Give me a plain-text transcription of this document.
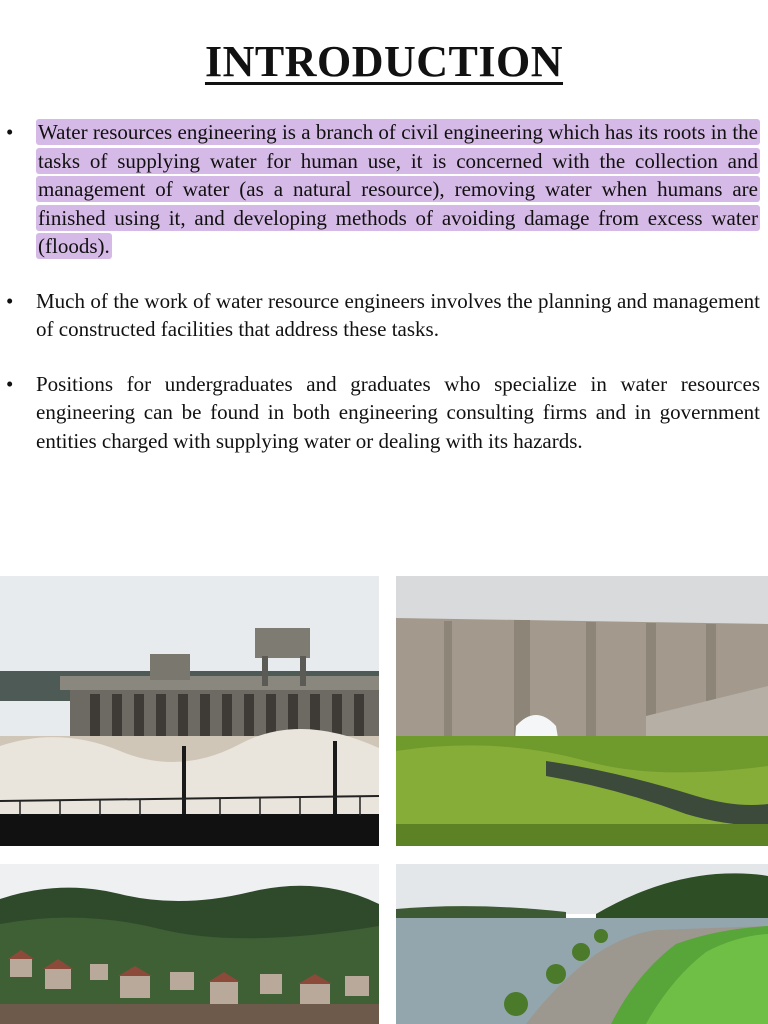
INTRODUCTION
• Water resources engineering is a branch of civil engineering which has its roots in the tasks of supplying water for human use, it is concerned with the collection and management of water (as a natural resource), removing water when humans are finished using it, and developing methods of avoiding damage from excess water (floods).
• Much of the work of water resource engineers involves the planning and management of constructed facilities that address these tasks.
• Positions for undergraduates and graduates who specialize in water resources engineering can be found in both engineering consulting firms and in government entities charged with supplying water or dealing with its hazards.
